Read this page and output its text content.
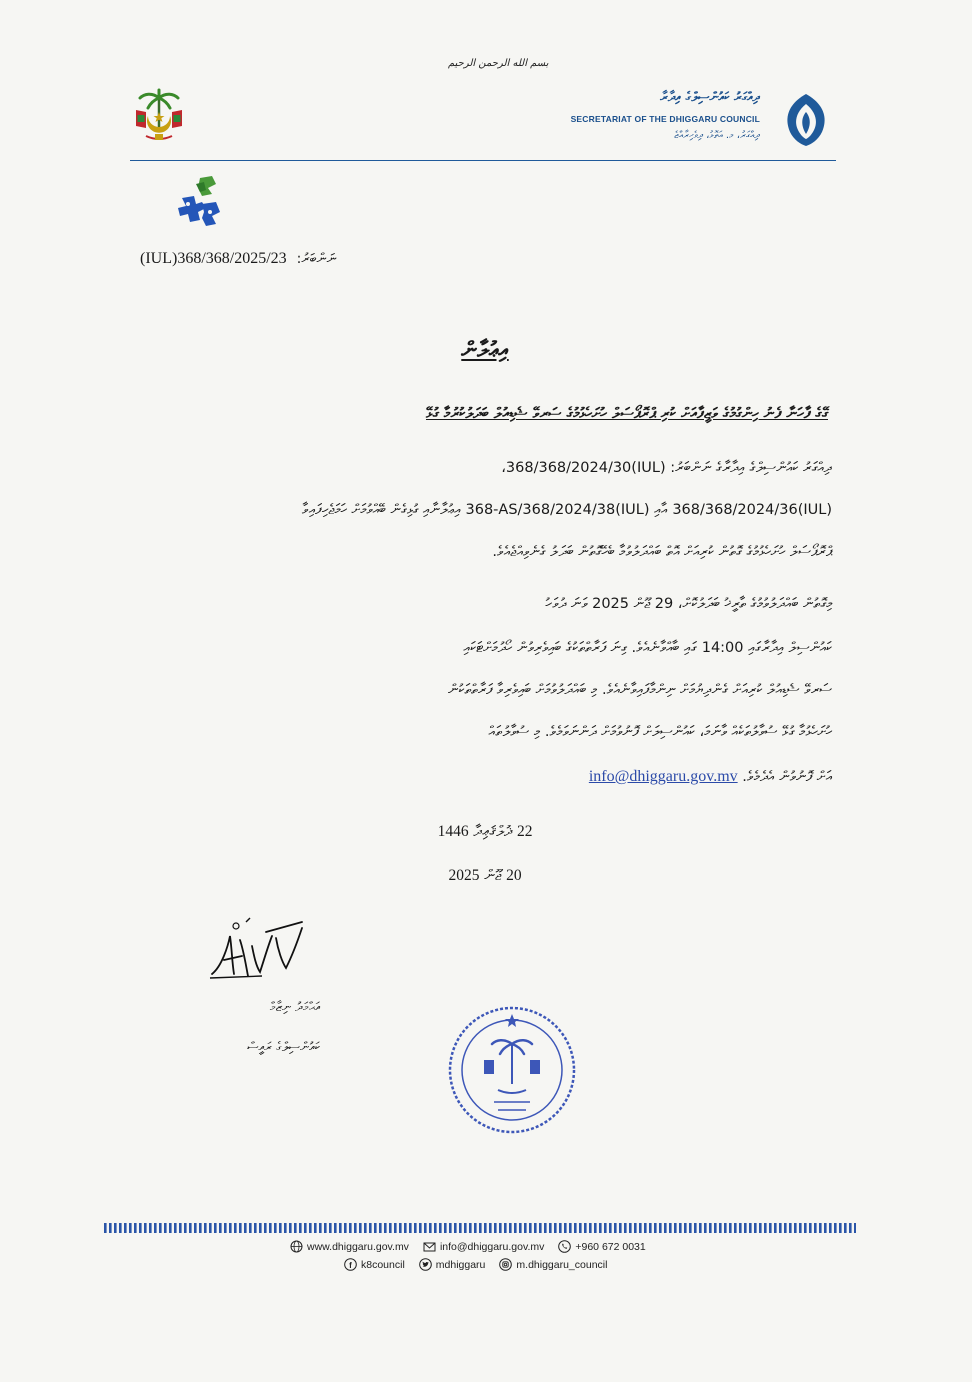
بسم الله الرحمن الرحيم
ދިއްގަރު ކައުންސިލްގެ އިދާރާ
SECRETARIAT OF THE DHIGGARU COUNCIL
ދިއްގަރު، މ. އަތޮޅު، ދިވެހިރާއްޖެ
(IUL)368/368/2025/23 ނަންބަރު:
އިޢުލާން
ގޭގެ ފާހަނާ ފެނު ހިންގުމުގެ ވަޒީފާއަށް ކުރި ޕްރޮޕޯސަލް ހުށަހެޅުމުގެ ސަރވޭ ޝެޑިއުލް ބަދަލުކުރުމާ ގުޅޭ
ދިއްގަރު ކައުންސިލްގެ އިދާރާގެ ނަންބަރު: (IUL)368/368/2024/30،
(IUL)368/368/2024/36 އާއި (IUL)368-AS/368/2024/38 އިޢުލާނާއި ގުޅިގެން ބޭއްވުމަށް ހަމަޖެހިފައިވާ
ޕްރޮޕޯސަލް ހުށަހެޅުމުގެ ގޮތުން ކުރިއަށް އޮތް ބައްދަލުވުމާ ބެހޭގޮތުން ބަދަލު ގެނެވިއްޖެއެވެ.
މިގޮތުން ބައްދަލުވުމުގެ ތާރީޚު ބަދަލުކޮށް، 29 ޖޫން 2025 ވަނަ ދުވަހު
ކައުންސިލް އިދާރާގައި 14:00 ގައި ބާއްވާނެއެވެ. ގިނަ ފަރާތްތަކުގެ ބައިވެރިވުން ހޯދުމަށްޓަކައި
ސަރވޭ ޝެޑިއުލް ކުރިއަށް ގެންދިޔުމަށް ނިންމާފައިވާނެއެވެ. މި ބައްދަލުވުމަށް ބައިވެރިވާ ފަރާތްތަކުން
ހުށަހެޅުމާ ގުޅޭ ސުވާލުތަކެއް ވާނަމަ، ކައުންސިލަށް ފޮނުވުމަށް ދަންނަވަމެވެ. މި ސުވާލުތައް
އަށް ފޮނުވުން އެދެމެވެ. info@dhiggaru.gov.mv
22 ޛުލްޤަޢިދާ 1446
20 ޖޫން 2025
އަޙްމަދު ނިޒާމް
ކައުންސިލްގެ ރައީސް
www.dhiggaru.gov.mv	info@dhiggaru.gov.mv	+960 672 0031
f k8council	mdhiggaru	m.dhiggaru_council
